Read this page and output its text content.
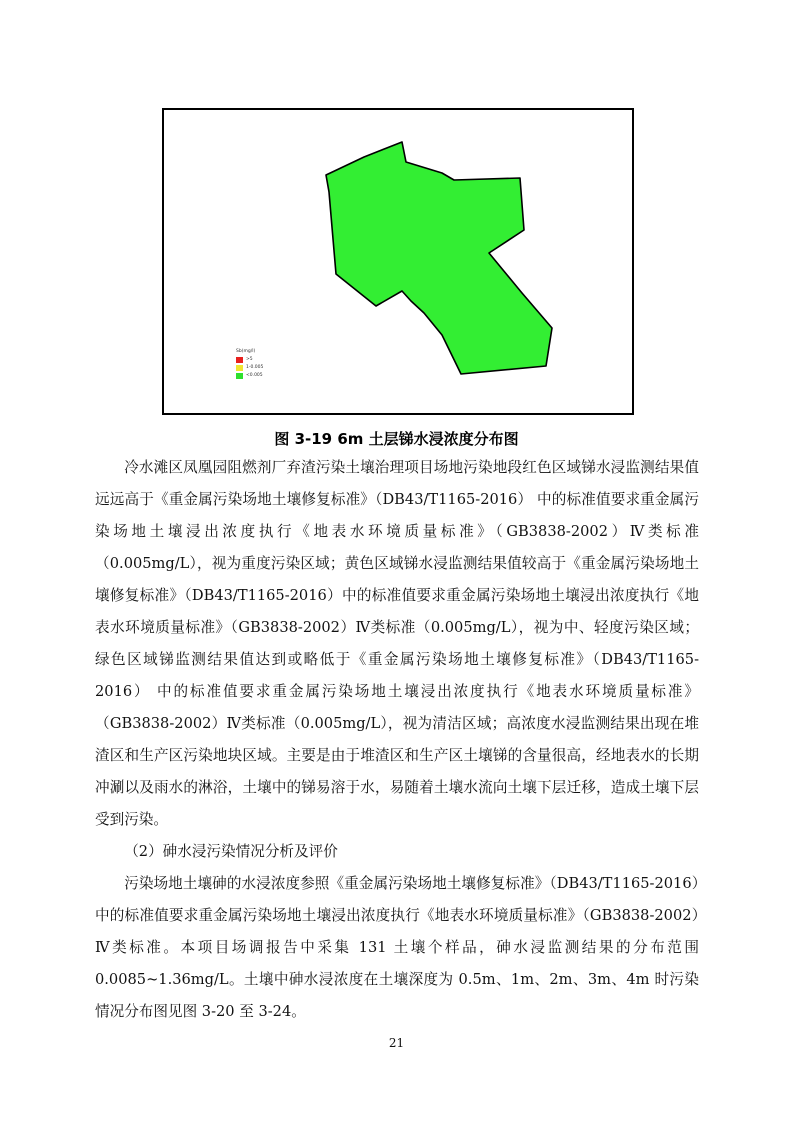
Sb(mg/l)
>5
1-0.005
<0.005
图 3-19 6m 土层锑水浸浓度分布图

冷水滩区凤凰园阻燃剂厂弃渣污染土壤治理项目场地污染地段红色区域锑水浸监测结果值远远高于《重金属污染场地土壤修复标准》（DB43/T1165-2016） 中的标准值要求重金属污染场地土壤浸出浓度执行《地表水环境质量标准》（GB3838-2002）Ⅳ类标准（0.005mg/L），视为重度污染区域；黄色区域锑水浸监测结果值较高于《重金属污染场地土壤修复标准》（DB43/T1165-2016）中的标准值要求重金属污染场地土壤浸出浓度执行《地表水环境质量标准》（GB3838-2002）Ⅳ类标准（0.005mg/L），视为中、轻度污染区域；绿色区域锑监测结果值达到或略低于《重金属污染场地土壤修复标准》（DB43/T1165-2016） 中的标准值要求重金属污染场地土壤浸出浓度执行《地表水环境质量标准》（GB3838-2002）Ⅳ类标准（0.005mg/L），视为清洁区域；高浓度水浸监测结果出现在堆渣区和生产区污染地块区域。主要是由于堆渣区和生产区土壤锑的含量很高，经地表水的长期冲涮以及雨水的淋浴，土壤中的锑易溶于水，易随着土壤水流向土壤下层迁移，造成土壤下层受到污染。

（2）砷水浸污染情况分析及评价

污染场地土壤砷的水浸浓度参照《重金属污染场地土壤修复标准》（DB43/T1165-2016）中的标准值要求重金属污染场地土壤浸出浓度执行《地表水环境质量标准》（GB3838-2002）Ⅳ类标准。本项目场调报告中采集 131 土壤个样品，砷水浸监测结果的分布范围 0.0085~1.36mg/L。土壤中砷水浸浓度在土壤深度为 0.5m、1m、2m、3m、4m 时污染情况分布图见图 3-20 至 3-24。

21
